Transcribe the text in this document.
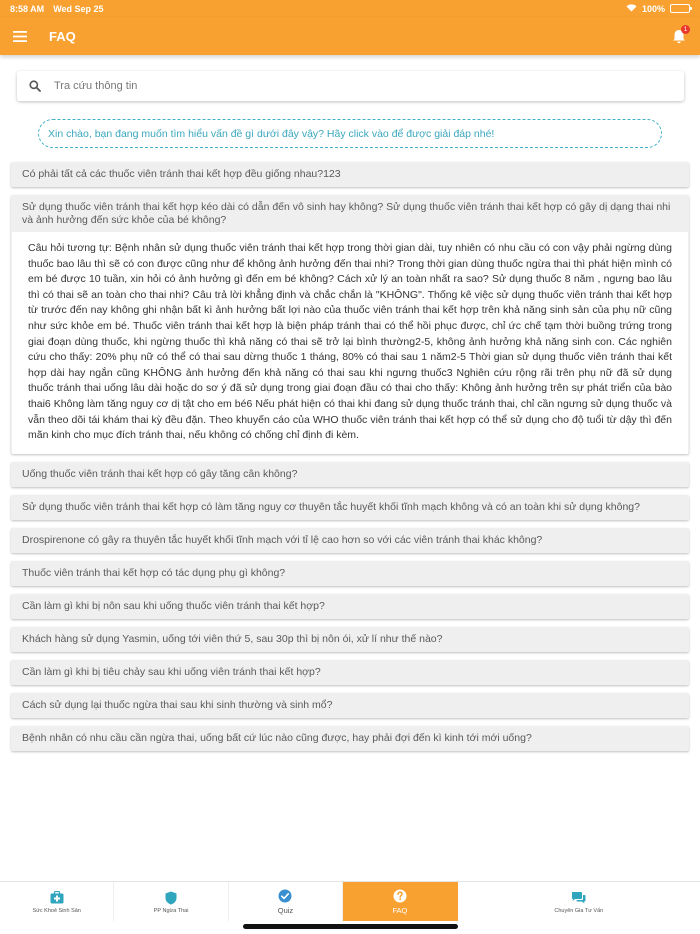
8:58 AM Wed Sep 25	100%
FAQ	1
Tra cứu thông tin
Xin chào, bạn đang muốn tìm hiểu vấn đề gì dưới đây vậy? Hãy click vào để được giải đáp nhé!
Có phải tất cả các thuốc viên tránh thai kết hợp đều giống nhau?123
Sử dụng thuốc viên tránh thai kết hợp kéo dài có dẫn đến vô sinh hay không? Sử dụng thuốc viên tránh thai kết hợp có gây dị dạng thai nhi và ảnh hưởng đến sức khỏe của bé không?
Câu hỏi tương tự: Bệnh nhân sử dụng thuốc viên tránh thai kết hợp trong thời gian dài, tuy nhiên có nhu cầu có con vậy phải ngừng dùng thuốc bao lâu thì sẽ có con được cũng như để không ảnh hưởng đến thai nhi? Trong thời gian dùng thuốc ngừa thai thì phát hiện mình có em bé được 10 tuần, xin hỏi có ảnh hưởng gì đến em bé không? Cách xử lý an toàn nhất ra sao? Sử dụng thuốc 8 năm , ngưng bao lâu thì có thai sẽ an toàn cho thai nhi? Câu trả lời khẳng định và chắc chắn là "KHÔNG". Thống kê việc sử dụng thuốc viên tránh thai kết hợp từ trước đến nay không ghi nhận bất kì ảnh hưởng bất lợi nào của thuốc viên tránh thai kết hợp trên khả năng sinh sản của phụ nữ cũng như sức khỏe em bé. Thuốc viên tránh thai kết hợp là biện pháp tránh thai có thể hồi phục được, chỉ ức chế tạm thời buồng trứng trong giai đoạn dùng thuốc, khi ngừng thuốc thì khả năng có thai sẽ trở lại bình thường2-5, không ảnh hưởng khả năng sinh con. Các nghiên cứu cho thấy: 20% phụ nữ có thể có thai sau dừng thuốc 1 tháng, 80% có thai sau 1 năm2-5 Thời gian sử dụng thuốc viên tránh thai kết hợp dài hay ngắn cũng KHÔNG ảnh hưởng đến khả năng có thai sau khi ngưng thuốc3 Nghiên cứu rộng rãi trên phụ nữ đã sử dụng thuốc tránh thai uống lâu dài hoặc do sơ ý đã sử dụng trong giai đoạn đầu có thai cho thấy: Không ảnh hưởng trên sự phát triển của bào thai6 Không làm tăng nguy cơ dị tật cho em bé6 Nếu phát hiện có thai khi đang sử dụng thuốc tránh thai, chỉ cần ngưng sử dụng thuốc và vẫn theo dõi tái khám thai kỳ đều đặn. Theo khuyến cáo của WHO thuốc viên tránh thai kết hợp có thể sử dụng cho độ tuổi từ dậy thì đến mãn kinh cho mục đích tránh thai, nếu không có chống chỉ định đi kèm.
Uống thuốc viên tránh thai kết hợp có gây tăng cân không?
Sử dụng thuốc viên tránh thai kết hợp có làm tăng nguy cơ thuyên tắc huyết khối tĩnh mạch không và có an toàn khi sử dụng không?
Drospirenone có gây ra thuyên tắc huyết khối tĩnh mạch với tỉ lệ cao hơn so với các viên tránh thai khác không?
Thuốc viên tránh thai kết hợp có tác dụng phụ gì không?
Cần làm gì khi bị nôn sau khi uống thuốc viên tránh thai kết hợp?
Khách hàng sử dụng Yasmin, uống tới viên thứ 5, sau 30p thì bị nôn ói, xử lí như thế nào?
Cần làm gì khi bị tiêu chảy sau khi uống viên tránh thai kết hợp?
Cách sử dụng lại thuốc ngừa thai sau khi sinh thường và sinh mổ?
Bệnh nhân có nhu cầu cần ngừa thai, uống bất cứ lúc nào cũng được, hay phải đợi đến kì kinh tới mới uống?
Sức Khoẻ Sinh Sản	PP Ngừa Thai	Quiz	FAQ	Chuyên Gia Tư Vấn
